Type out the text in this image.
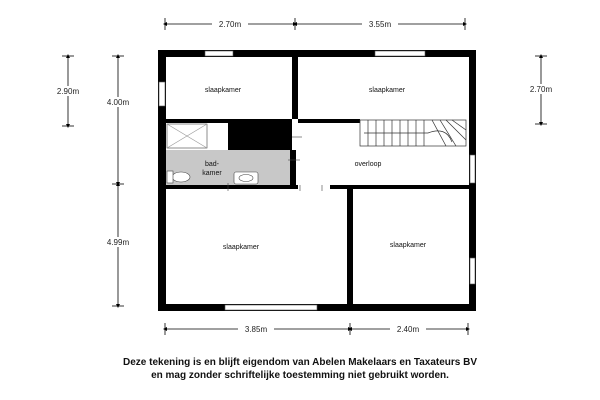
2.70m	3.55m
3.85m	2.40m
2.90m
4.00m
4.99m
2.70m
slaapkamer	slaapkamer
bad-
kamer
overloop
slaapkamer	slaapkamer
Deze tekening is en blijft eigendom van Abelen Makelaars en Taxateurs BV
en mag zonder schriftelijke toestemming niet gebruikt worden.
